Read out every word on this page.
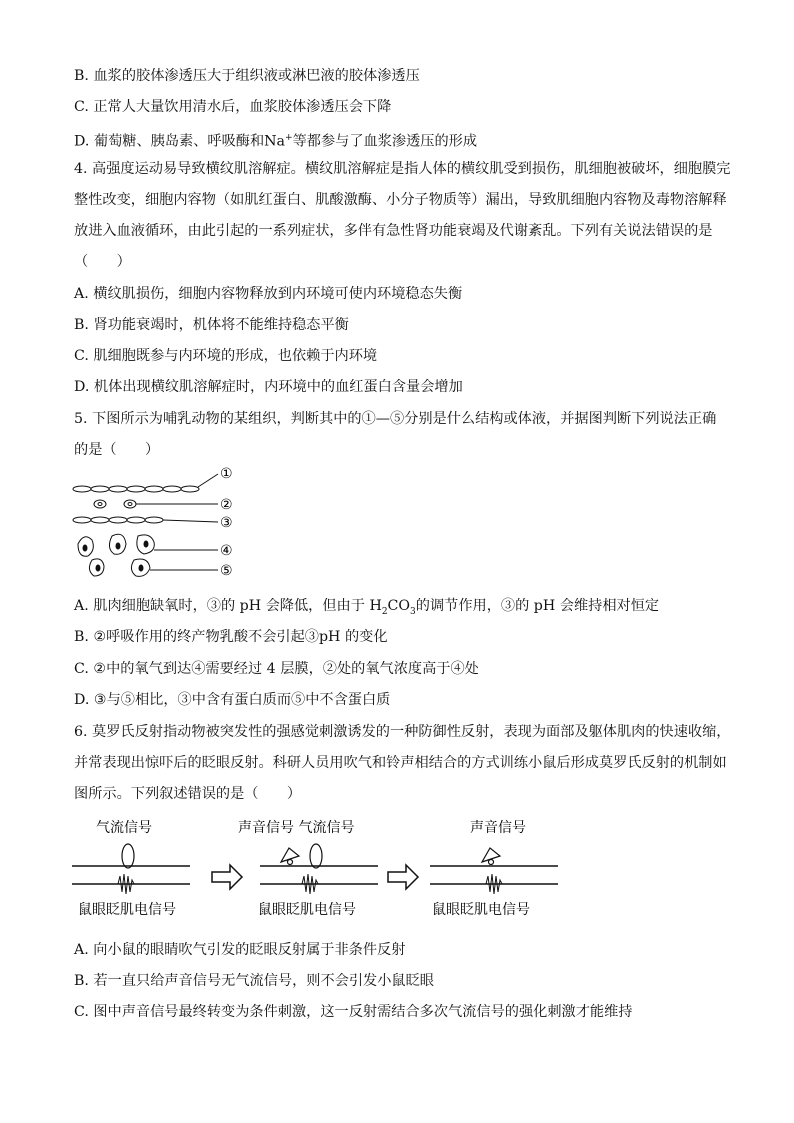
B. 血浆的胶体渗透压大于组织液或淋巴液的胶体渗透压
C. 正常人大量饮用清水后，血浆胶体渗透压会下降
D. 葡萄糖、胰岛素、呼吸酶和Na+等都参与了血浆渗透压的形成
4. 高强度运动易导致横纹肌溶解症。横纹肌溶解症是指人体的横纹肌受到损伤，肌细胞被破坏，细胞膜完
整性改变，细胞内容物（如肌红蛋白、肌酸激酶、小分子物质等）漏出，导致肌细胞内容物及毒物溶解释
放进入血液循环，由此引起的一系列症状，多伴有急性肾功能衰竭及代谢紊乱。下列有关说法错误的是
（　　）
A. 横纹肌损伤，细胞内容物释放到内环境可使内环境稳态失衡
B. 肾功能衰竭时，机体将不能维持稳态平衡
C. 肌细胞既参与内环境的形成，也依赖于内环境
D. 机体出现横纹肌溶解症时，内环境中的血红蛋白含量会增加
5. 下图所示为哺乳动物的某组织，判断其中的①—⑤分别是什么结构或体液，并据图判断下列说法正确
的是（　　）
①
②
③
④
⑤
A. 肌肉细胞缺氧时，③的 pH 会降低，但由于 $H_2CO_3$的调节作用，③的 pH 会维持相对恒定
B. ②呼吸作用的终产物乳酸不会引起③pH 的变化
C. ②中的氧气到达④需要经过 4 层膜，②处的氧气浓度高于④处
D. ③与⑤相比，③中含有蛋白质而⑤中不含蛋白质
6. 莫罗氏反射指动物被突发性的强感觉刺激诱发的一种防御性反射，表现为面部及躯体肌肉的快速收缩，
并常表现出惊吓后的眨眼反射。科研人员用吹气和铃声相结合的方式训练小鼠后形成莫罗氏反射的机制如
图所示。下列叙述错误的是（　　）
气流信号
鼠眼眨肌电信号
声音信号 气流信号
鼠眼眨肌电信号
声音信号
鼠眼眨肌电信号
A. 向小鼠的眼睛吹气引发的眨眼反射属于非条件反射
B. 若一直只给声音信号无气流信号，则不会引发小鼠眨眼
C. 图中声音信号最终转变为条件刺激，这一反射需结合多次气流信号的强化刺激才能维持
